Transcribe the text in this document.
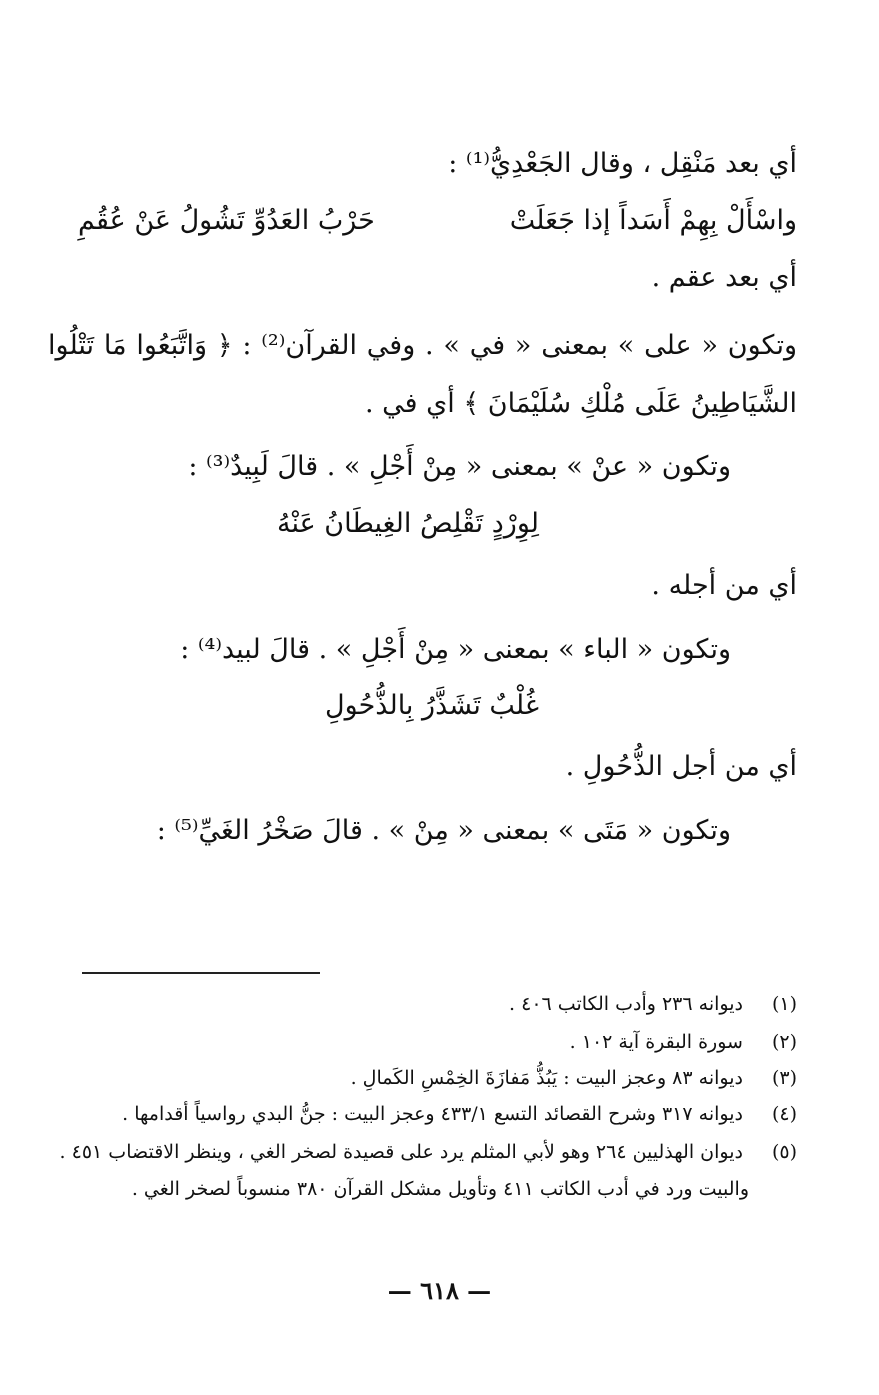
أي بعد مَنْقِل ، وقال الجَعْدِيُّ⁽¹⁾ :
واسْأَلْ بِهِمْ أَسَداً إذا جَعَلَتْ
حَرْبُ العَدُوِّ تَشُولُ عَنْ عُقُمِ
أي بعد عقم .
وتكون « على » بمعنى « في » . وفي القرآن⁽²⁾ : ﴿ وَاتَّبَعُوا مَا تَتْلُوا
الشَّيَاطِينُ عَلَى مُلْكِ سُلَيْمَانَ ﴾ أي في .
وتكون « عنْ » بمعنى « مِنْ أَجْلِ » . قالَ لَبِيدٌ⁽³⁾ :
لِوِرْدٍ تَقْلِصُ الغِيطَانُ عَنْهُ
أي من أجله .
وتكون « الباء » بمعنى « مِنْ أَجْلِ » . قالَ لبيد⁽⁴⁾ :
غُلْبٌ تَشَذَّرُ بِالذُّحُولِ
أي من أجل الذُّحُولِ .
وتكون « مَتَى » بمعنى « مِنْ » . قالَ صَخْرُ الغَيِّ⁽⁵⁾ :
(١) ديوانه ٢٣٦ وأدب الكاتب ٤٠٦ .
(٢) سورة البقرة آية ١٠٢ .
(٣) ديوانه ٨٣ وعجز البيت : يَبُذُّ مَفازَةَ الخِمْسِ الكَمالِ .
(٤) ديوانه ٣١٧ وشرح القصائد التسع ٤٣٣/١ وعجز البيت : جنُّ البدي رواسياً أقدامها .
(٥) ديوان الهذليين ٢٦٤ وهو لأبي المثلم يرد على قصيدة لصخر الغي ، وينظر الاقتضاب ٤٥١ .
والبيت ورد في أدب الكاتب ٤١١ وتأويل مشكل القرآن ٣٨٠ منسوباً لصخر الغي .
— ٦١٨ —
